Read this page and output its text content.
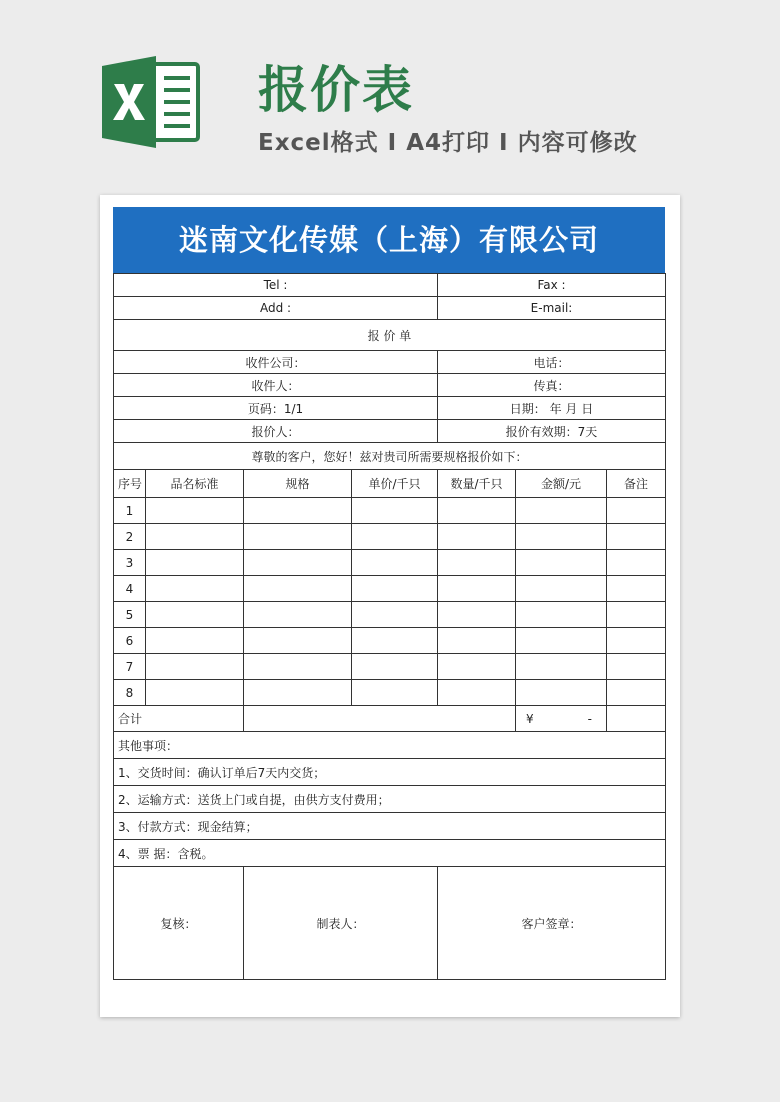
报价表
Excel格式 I A4打印 I 内容可修改
迷南文化传媒（上海）有限公司
Tel :				Fax :		
Add :				E-mail:		
报 价 单						
收件公司：				电话：		
收件人：				传真：		
页码：1/1				日期： 年 月 日		
报价人：				报价有效期：7天		
尊敬的客户，您好！兹对贵司所需要规格报价如下：						
序号	品名标准	规格	单价/千只	数量/千只	金额/元	备注
1						
2						
3						
4						
5						
6						
7						
8						
合计					¥ -	

其他事项：						
1、交货时间：确认订单后7天内交货；						
2、运输方式：送货上门或自提，由供方支付费用；						
3、付款方式：现金结算；						
4、票 据：含税。						
复核：		制表人：		客户签章：		
